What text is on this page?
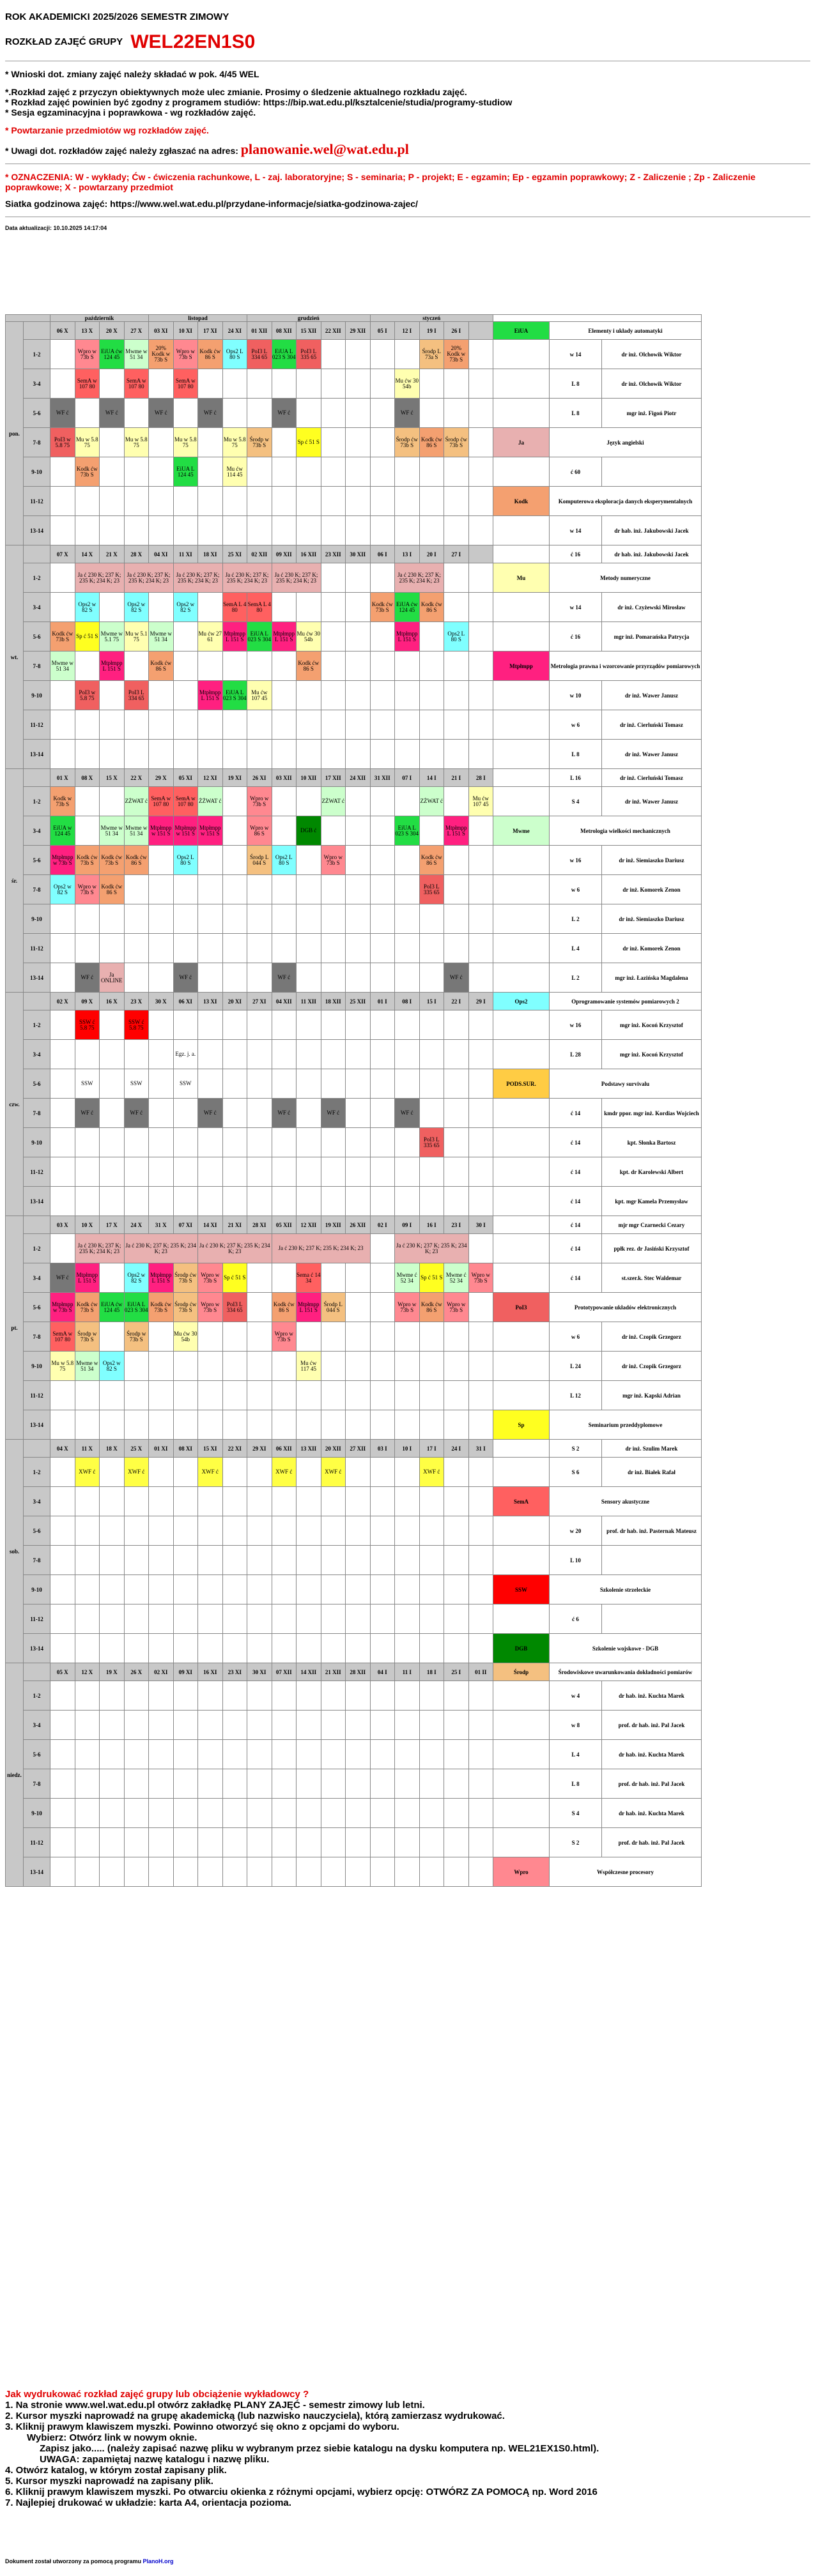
ROK AKADEMICKI 2025/2026 SEMESTR ZIMOWY
ROZKŁAD ZAJĘĆ GRUPY WEL22EN1S0
* Wnioski dot. zmiany zajęć należy składać w pok. 4/45 WEL
*.Rozkład zajęć z przyczyn obiektywnych może ulec zmianie. Prosimy o śledzenie aktualnego rozkładu zajęć.
* Rozkład zajęć powinien być zgodny z programem studiów: https://bip.wat.edu.pl/ksztalcenie/studia/programy-studiow
* Sesja egzaminacyjna i poprawkowa - wg rozkładów zajęć.
* Powtarzanie przedmiotów wg rozkładów zajęć.
* Uwagi dot. rozkładów zajęć należy zgłaszać na adres: planowanie.wel@wat.edu.pl
* OZNACZENIA: W - wykłady; Ćw - ćwiczenia rachunkowe, L - zaj. laboratoryjne; S - seminaria; P - projekt; E - egzamin; Ep - egzamin poprawkowy; Z - Zaliczenie ; Zp - Zaliczenie poprawkowe; X - powtarzany przedmiot
Siatka godzinowa zajęć: https://www.wel.wat.edu.pl/przydane-informacje/siatka-godzinowa-zajec/
Data aktualizacji: 10.10.2025 14:17:04
		październik				listopad				grudzień					styczeń							
pon.		06 X	13 X	20 X	27 X	03 XI	10 XI	17 XI	24 XI	01 XII	08 XII	15 XII	22 XII	29 XII	05 I	12 I	19 I	26 I		EiUA	Elementy i układy automatyki	
	1-2		Wpro w 73b S	EiUA ćw 124 45	Mwme w 51 34	20% Kodk w 73b S	Wpro w 73b S	Kodk ćw 86 S	Ops2 L 80 S	PoI3 L 334 65	EiUA L 023 S 304	PoI3 L 335 65					Środp L 73a S	20% Kodk w 73b S			w 14	dr inż. Olchowik Wiktor
	3-4		SemA w 107 80		SemA w 107 80		SemA w 107 80									Mu ćw 30 54b					L 8	dr inż. Olchowik Wiktor
	5-6	WF ć		WF ć		WF ć		WF ć			WF ć					WF ć					L 8	mgr inż. Figoń Piotr
	7-8	PoI3 w 5.8 75	Mu w 5.8 75		Mu w 5.8 75		Mu w 5.8 75		Mu w 5.8 75	Środp w 73b S		Sp ć 51 S				Środp ćw 73b S	Kodk ćw 86 S	Środp ćw 73b S		Ja	Język angielski	
	9-10		Kodk ćw 73b S				EiUA L 124 45		Mu ćw 114 45												ć 60	
	11-12																			Kodk	Komputerowa eksploracja danych eksperymentalnych	
	13-14																				w 14	dr hab. inż. Jakubowski Jacek
wt.		07 X	14 X	21 X	28 X	04 XI	11 XI	18 XI	25 XI	02 XII	09 XII	16 XII	23 XII	30 XII	06 I	13 I	20 I	27 I			ć 16	dr hab. inż. Jakubowski Jacek
	1-2		Ja ć 230 K; 237 K; 235 K; 234 K; 23		Ja ć 230 K; 237 K; 235 K; 234 K; 23		Ja ć 230 K; 237 K; 235 K; 234 K; 23		Ja ć 230 K; 237 K; 235 K; 234 K; 23		Ja ć 230 K; 237 K; 235 K; 234 K; 23					Ja ć 230 K; 237 K; 235 K; 234 K; 23				Mu	Metody numeryczne	
	3-4		Ops2 w 82 S		Ops2 w 82 S		Ops2 w 82 S		SemA L 4 80	SemA L 4 80					Kodk ćw 73b S	EiUA ćw 124 45	Kodk ćw 86 S				w 14	dr inż. Czyżewski Mirosław
	5-6	Kodk ćw 73b S	Sp ć 51 S	Mwme w 5.1 75	Mu w 5.1 75	Mwme w 51 34		Mu ćw 27 61	Mtpłmpp L 151 S	EiUA L 023 S 304	Mtpłmpp L 151 S	Mu ćw 30 54b				Mtpłmpp L 151 S		Ops2 L 80 S			ć 16	mgr inż. Pomarańska Patrycja
	7-8	Mwme w 51 34		Mtpłmpp L 151 S		Kodk ćw 86 S						Kodk ćw 86 S								Mtpłmpp	Metrologia prawna i wzorcowanie przyrządów pomiarowych	
	9-10		PoI3 w 5.8 75		PoI3 L 334 65			Mtpłmpp L 151 S	EiUA L 023 S 304	Mu ćw 107 45											w 10	dr inż. Wawer Janusz
	11-12																				w 6	dr inż. Cierluński Tomasz
	13-14																				L 8	dr inż. Wawer Janusz
śr.		01 X	08 X	15 X	22 X	29 X	05 XI	12 XI	19 XI	26 XI	03 XII	10 XII	17 XII	24 XII	31 XII	07 I	14 I	21 I	28 I		L 16	dr inż. Cierluński Tomasz
	1-2	Kodk w 73b S			ZŻWAT ć	SemA w 107 80	SemA w 107 80	ŻŻWAT ć		Wpro w 73b S			ZŻWAT ć				ZŻWAT ć		Mu ćw 107 45		S 4	dr inż. Wawer Janusz
	3-4	EiUA w 124 45		Mwme w 51 34	Mwme w 51 34	Mtpłmpp w 151 S	Mtpłmpp w 151 S	Mtpłmpp w 151 S		Wpro w 86 S		DGB ć				EiUA L 023 S 304		Mtpłmpp L 151 S		Mwme	Metrologia wielkości mechanicznych	
	5-6	Mtpłmpp w 73b S	Kodk ćw 73b S	Kodk ćw 73b S	Kodk ćw 86 S		Ops2 L 80 S			Środp L 044 S	Ops2 L 80 S		Wpro w 73b S				Kodk ćw 86 S				w 16	dr inż. Siemiaszko Dariusz
	7-8	Ops2 w 82 S	Wpro w 73b S	Kodk ćw 86 S													PoI3 L 335 65				w 6	dr inż. Komorek Zenon
	9-10																				L 2	dr inż. Siemiaszko Dariusz
	11-12																				L 4	dr inż. Komorek Zenon
	13-14		WF ć	Ja ONLINE			WF ć				WF ć							WF ć			L 2	mgr inż. Łazińska Magdalena
czw.		02 X	09 X	16 X	23 X	30 X	06 XI	13 XI	20 XI	27 XI	04 XII	11 XII	18 XII	25 XII	01 I	08 I	15 I	22 I	29 I	Ops2	Oprogramowanie systemów pomiarowych 2	
	1-2		SSW ć 5.8 75		SSW ć 5.8 75																w 16	mgr inż. Kocoń Krzysztof
	3-4						Egz. j. a.														L 28	mgr inż. Kocoń Krzysztof
	5-6		SSW		SSW		SSW													PODS.SUR.	Podstawy survivalu	
	7-8		WF ć		WF ć			WF ć			WF ć		WF ć			WF ć					ć 14	kmdr ppor. mgr inż. Kordias Wojciech
	9-10																PoI3 L 335 65				ć 14	kpt. Słonka Bartosz
	11-12																				ć 14	kpt. dr Karolewski Albert
	13-14																				ć 14	kpt. mgr Kamela Przemysław
pt.		03 X	10 X	17 X	24 X	31 X	07 XI	14 XI	21 XI	28 XI	05 XII	12 XII	19 XII	26 XII	02 I	09 I	16 I	23 I	30 I		ć 14	mjr mgr Czarnecki Cezary
	1-2		Ja ć 230 K; 237 K; 235 K; 234 K; 23		Ja ć 230 K; 237 K; 235 K; 234 K; 23			Ja ć 230 K; 237 K; 235 K; 234 K; 23			Ja ć 230 K; 237 K; 235 K; 234 K; 23					Ja ć 230 K; 237 K; 235 K; 234 K; 23					ć 14	ppłk rez. dr Jasiński Krzysztof
	3-4	WF ć	Mtpłmpp L 151 S		Ops2 w 82 S	Mtpłmpp L 151 S	Środp ćw 73b S	Wpro w 73b S	Sp ć 51 S			Sema ć 14 34				Mwme ć 52 34	Sp ć 51 S	Mwme ć 52 34	Wpro w 73b S		ć 14	st.szer.k. Stec Waldemar
	5-6	Mtpłmpp w 73b S	Kodk ćw 73b S	EiUA ćw 124 45	EiUA L 023 S 304	Kodk ćw 73b S	Środp ćw 73b S	Wpro w 73b S	PoI3 L 334 65		Kodk ćw 86 S	Mtpłmpp L 151 S	Środp L 044 S			Wpro w 73b S	Kodk ćw 86 S	Wpro w 73b S		PoI3	Prototypowanie układów elektronicznych	
	7-8	SemA w 107 80	Środp w 73b S		Środp w 73b S		Mu ćw 30 54b				Wpro w 73b S										w 6	dr inż. Czopik Grzegorz
	9-10	Mu w 5.8 75	Mwme w 51 34	Ops2 w 82 S								Mu ćw 117 45									L 24	dr inż. Czopik Grzegorz
	11-12																				L 12	mgr inż. Kapski Adrian
	13-14																			Sp	Seminarium przeddyplomowe	
sob.		04 X	11 X	18 X	25 X	01 XI	08 XI	15 XI	22 XI	29 XI	06 XII	13 XII	20 XII	27 XII	03 I	10 I	17 I	24 I	31 I		S 2	dr inż. Szulim Marek
	1-2		XWF ć		XWF ć			XWF ć			XWF ć		XWF ć				XWF ć				S 6	dr inż. Białek Rafał
	3-4																			SemA	Sensory akustyczne	
	5-6																				w 20	prof. dr hab. inż. Pasternak Mateusz
	7-8																				L 10	
	9-10																			SSW	Szkolenie strzeleckie	
	11-12																				ć 6	
	13-14																			DGB	Szkolenie wojskowe - DGB	
niedz.		05 X	12 X	19 X	26 X	02 XI	09 XI	16 XI	23 XI	30 XI	07 XII	14 XII	21 XII	28 XII	04 I	11 I	18 I	25 I	01 II	Środp	Środowiskowe uwarunkowania dokładności pomiarów	
	1-2																				w 4	dr hab. inż. Kuchta Marek
	3-4																				w 8	prof. dr hab. inż. Pal Jacek
	5-6																				L 4	dr hab. inż. Kuchta Marek
	7-8																				L 8	prof. dr hab. inż. Pal Jacek
	9-10																				S 4	dr hab. inż. Kuchta Marek
	11-12																				S 2	prof. dr hab. inż. Pal Jacek
	13-14																			Wpro	Współczesne procesory	
Jak wydrukować rozkład zajęć grupy lub obciążenie wykładowcy ?
1. Na stronie www.wel.wat.edu.pl otwórz zakładkę PLANY ZAJĘĆ - semestr zimowy lub letni.
2. Kursor myszki naprowadź na grupę akademicką (lub nazwisko nauczyciela), którą zamierzasz wydrukować.
3. Kliknij prawym klawiszem myszki. Powinno otworzyć się okno z opcjami do wyboru.
Wybierz: Otwórz link w nowym oknie.
Zapisz jako..... (należy zapisać nazwę pliku w wybranym przez siebie katalogu na dysku komputera np. WEL21EX1S0.html).
UWAGA: zapamiętaj nazwę katalogu i nazwę pliku.
4. Otwórz katalog, w którym został zapisany plik.
5. Kursor myszki naprowadź na zapisany plik.
6. Kliknij prawym klawiszem myszki. Po otwarciu okienka z różnymi opcjami, wybierz opcję: OTWÓRZ ZA POMOCĄ np. Word 2016
7. Najlepiej drukować w układzie: karta A4, orientacja pozioma.
Dokument został utworzony za pomocą programu PlanoH.org
